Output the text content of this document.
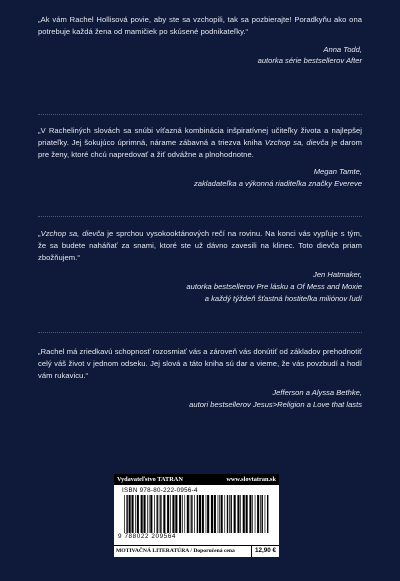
„Ak vám Rachel Hollisová povie, aby ste sa vzchopili, tak sa pozbierajte! Poradkyňu ako ona potrebuje každá žena od mamičiek po skúsené podnikateľky.“

Anna Todd,
autorka série bestsellerov After

„V Racheliných slovách sa snúbi víťazná kombinácia inšpiratívnej učiteľky života a najlepšej priateľky. Jej šokujúco úprimná, nárame zábavná a triezva kniha Vzchop sa, dievča je darom pre ženy, ktoré chcú napredovať a žiť odvážne a plnohodnotne.

Megan Tamte,
zakladateľka a výkonná riaditeľka značky Evereve

„Vzchop sa, dievča je sprchou vysokooktánových rečí na rovinu. Na konci vás vypľuje s tým, že sa budete naháňať za snami, ktoré ste už dávno zavesili na klinec. Toto dievča priam zbožňujem.“

Jen Hatmaker,
autorka bestsellerov Pre lásku a Of Mess and Moxie
a každý týždeň šťastná hostiteľka miliónov ľudí

„Rachel má zriedkavú schopnosť rozosmiať vás a zároveň vás donútiť od základov prehodnotiť celý váš život v jednom odseku. Jej slová a táto kniha sú dar a vieme, že vás povzbudí a hodí vám rukavicu.“

Jefferson a Alyssa Bethke,
autori bestsellerov Jesus>Religion a Love that lasts

Vydavateľstvo TATRAN	www.slovtatran.sk
ISBN 978-80-222-0956-4
9 788022 209564
MOTIVAČNÁ LITERATÚRA / Doporučená cena	12,90 €
